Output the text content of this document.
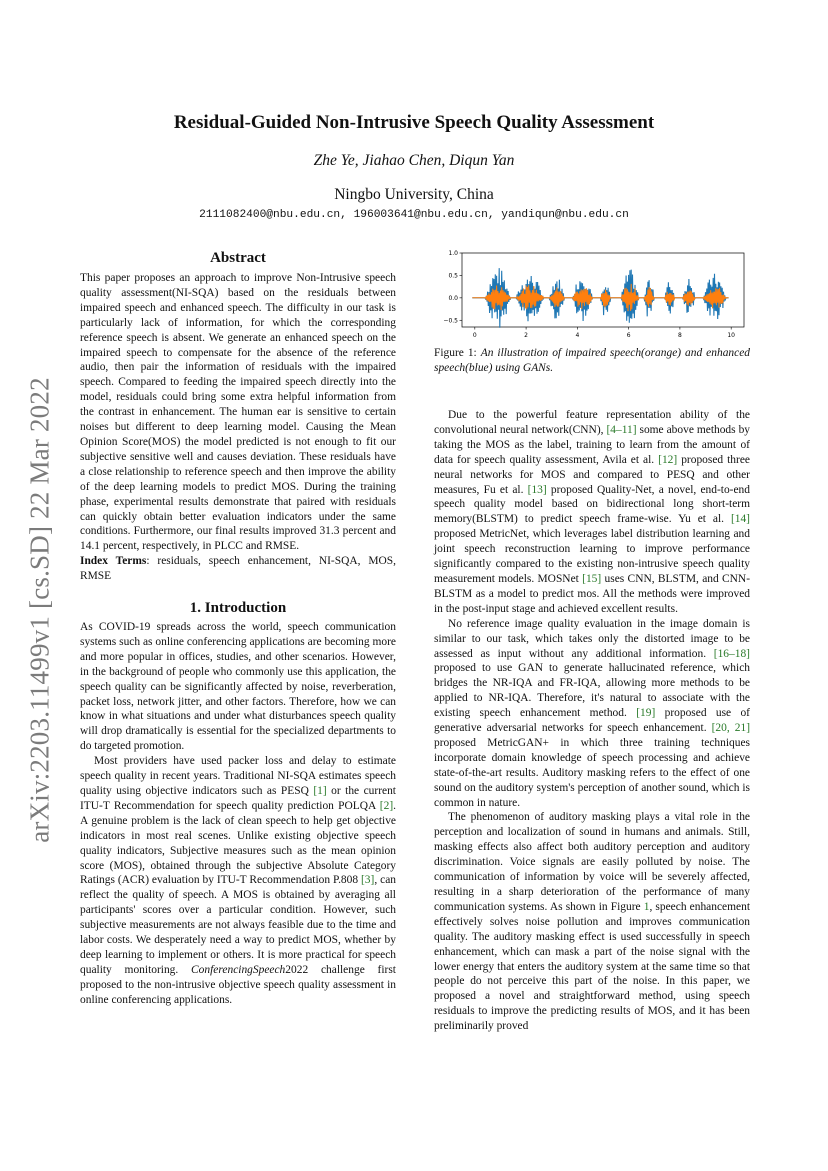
arXiv:2203.11499v1 [cs.SD] 22 Mar 2022
Residual-Guided Non-Intrusive Speech Quality Assessment
Zhe Ye, Jiahao Chen, Diqun Yan
Ningbo University, China
2111082400@nbu.edu.cn, 196003641@nbu.edu.cn, yandiqun@nbu.edu.cn
Abstract

This paper proposes an approach to improve Non-Intrusive speech quality assessment(NI-SQA) based on the residuals between impaired speech and enhanced speech. The difficulty in our task is particularly lack of information, for which the corresponding reference speech is absent. We generate an enhanced speech on the impaired speech to compensate for the absence of the reference audio, then pair the information of residuals with the impaired speech. Compared to feeding the impaired speech directly into the model, residuals could bring some extra helpful information from the contrast in enhancement. The human ear is sensitive to certain noises but different to deep learning model. Causing the Mean Opinion Score(MOS) the model predicted is not enough to fit our subjective sensitive well and causes deviation. These residuals have a close relationship to reference speech and then improve the ability of the deep learning models to predict MOS. During the training phase, experimental results demonstrate that paired with residuals can quickly obtain better evaluation indicators under the same conditions. Furthermore, our final results improved 31.3 percent and 14.1 percent, respectively, in PLCC and RMSE.

Index Terms: residuals, speech enhancement, NI-SQA, MOS, RMSE

1. Introduction

As COVID-19 spreads across the world, speech communication systems such as online conferencing applications are becoming more and more popular in offices, studies, and other scenarios. However, in the background of people who commonly use this application, the speech quality can be significantly affected by noise, reverberation, packet loss, network jitter, and other factors. Therefore, how we can know in what situations and under what disturbances speech quality will drop dramatically is essential for the specialized departments to do targeted promotion.

Most providers have used packer loss and delay to estimate speech quality in recent years. Traditional NI-SQA estimates speech quality using objective indicators such as PESQ [1] or the current ITU-T Recommendation for speech quality prediction POLQA [2]. A genuine problem is the lack of clean speech to help get objective indicators in most real scenes. Unlike existing objective speech quality indicators, Subjective measures such as the mean opinion score (MOS), obtained through the subjective Absolute Category Ratings (ACR) evaluation by ITU-T Recommendation P.808 [3], can reflect the quality of speech. A MOS is obtained by averaging all participants' scores over a particular condition. However, such subjective measurements are not always feasible due to the time and labor costs. We desperately need a way to predict MOS, whether by deep learning to implement or others. It is more practical for speech quality monitoring. ConferencingSpeech2022 challenge first proposed to the non-intrusive objective speech quality assessment in online conferencing applications.

0	2	4	6	8	10
1.0
0.5
0.0
−0.5
Figure 1: An illustration of impaired speech(orange) and enhanced speech(blue) using GANs.

Due to the powerful feature representation ability of the convolutional neural network(CNN), [4–11] some above methods by taking the MOS as the label, training to learn from the amount of data for speech quality assessment, Avila et al. [12] proposed three neural networks for MOS and compared to PESQ and other measures, Fu et al. [13] proposed Quality-Net, a novel, end-to-end speech quality model based on bidirectional long short-term memory(BLSTM) to predict speech frame-wise. Yu et al. [14] proposed MetricNet, which leverages label distribution learning and joint speech reconstruction learning to improve performance significantly compared to the existing non-intrusive speech quality measurement models. MOSNet [15] uses CNN, BLSTM, and CNN-BLSTM as a model to predict mos. All the methods were improved in the post-input stage and achieved excellent results.

No reference image quality evaluation in the image domain is similar to our task, which takes only the distorted image to be assessed as input without any additional information. [16–18] proposed to use GAN to generate hallucinated reference, which bridges the NR-IQA and FR-IQA, allowing more methods to be applied to NR-IQA. Therefore, it's natural to associate with the existing speech enhancement method. [19] proposed use of generative adversarial networks for speech enhancement. [20, 21] proposed MetricGAN+ in which three training techniques incorporate domain knowledge of speech processing and achieve state-of-the-art results. Auditory masking refers to the effect of one sound on the auditory system's perception of another sound, which is common in nature.

The phenomenon of auditory masking plays a vital role in the perception and localization of sound in humans and animals. Still, masking effects also affect both auditory perception and auditory discrimination. Voice signals are easily polluted by noise. The communication of information by voice will be severely affected, resulting in a sharp deterioration of the performance of many communication systems. As shown in Figure 1, speech enhancement effectively solves noise pollution and improves communication quality. The auditory masking effect is used successfully in speech enhancement, which can mask a part of the noise signal with the lower energy that enters the auditory system at the same time so that people do not perceive this part of the noise. In this paper, we proposed a novel and straightforward method, using speech residuals to improve the predicting results of MOS, and it has been preliminarily proved
